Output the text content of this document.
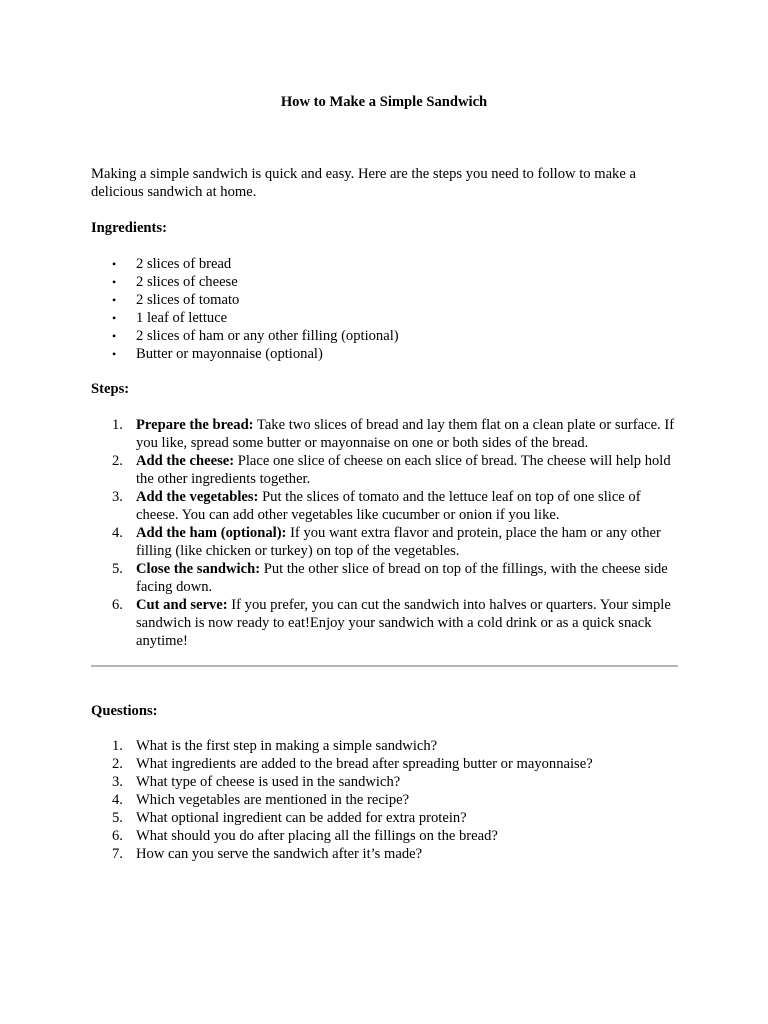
How to Make a Simple Sandwich

Making a simple sandwich is quick and easy. Here are the steps you need to follow to make a delicious sandwich at home.

Ingredients:

• 2 slices of bread
• 2 slices of cheese
• 2 slices of tomato
• 1 leaf of lettuce
• 2 slices of ham or any other filling (optional)
• Butter or mayonnaise (optional)

Steps:

1. Prepare the bread: Take two slices of bread and lay them flat on a clean plate or surface. If you like, spread some butter or mayonnaise on one or both sides of the bread.
2. Add the cheese: Place one slice of cheese on each slice of bread. The cheese will help hold the other ingredients together.
3. Add the vegetables: Put the slices of tomato and the lettuce leaf on top of one slice of cheese. You can add other vegetables like cucumber or onion if you like.
4. Add the ham (optional): If you want extra flavor and protein, place the ham or any other filling (like chicken or turkey) on top of the vegetables.
5. Close the sandwich: Put the other slice of bread on top of the fillings, with the cheese side facing down.
6. Cut and serve: If you prefer, you can cut the sandwich into halves or quarters. Your simple sandwich is now ready to eat!Enjoy your sandwich with a cold drink or as a quick snack anytime!

Questions:

1. What is the first step in making a simple sandwich?
2. What ingredients are added to the bread after spreading butter or mayonnaise?
3. What type of cheese is used in the sandwich?
4. Which vegetables are mentioned in the recipe?
5. What optional ingredient can be added for extra protein?
6. What should you do after placing all the fillings on the bread?
7. How can you serve the sandwich after it’s made?
